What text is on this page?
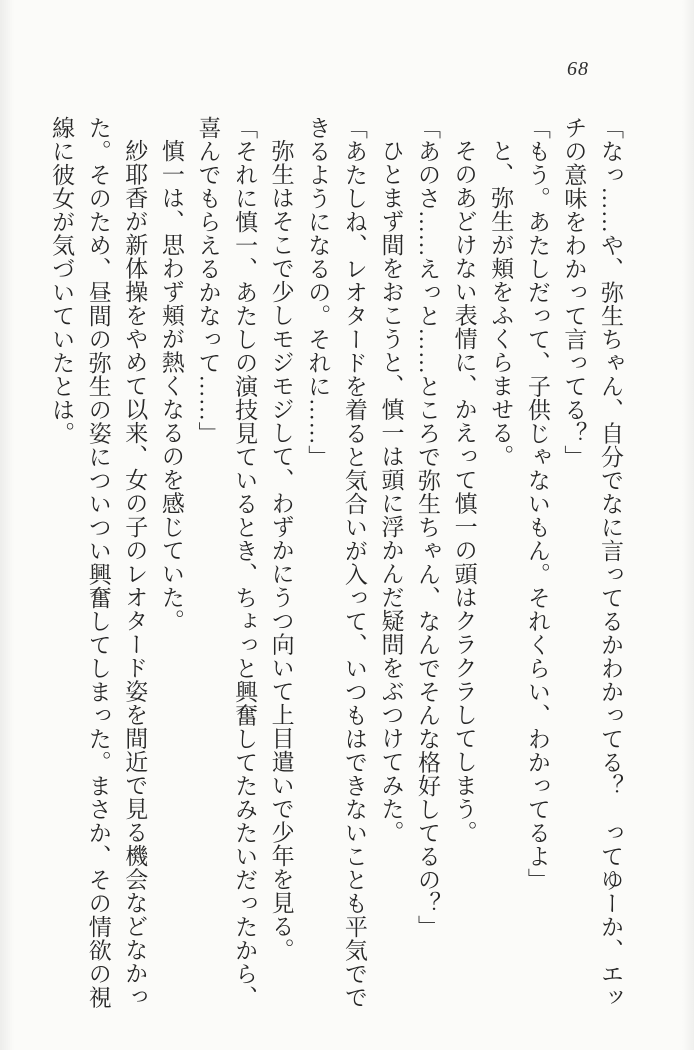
68

「なっ……や、弥生ちゃん、自分でなに言ってるかわかってる？　ってゆーか、エッチの意味をわかって言ってる？」

「もう。あたしだって、子供じゃないもん。それくらい、わかってるよ」

と、弥生が頬をふくらませる。

そのあどけない表情に、かえって慎一の頭はクラクラしてしまう。

「あのさ……えっと……ところで弥生ちゃん、なんでそんな格好してるの？」

ひとまず間をおこうと、慎一は頭に浮かんだ疑問をぶつけてみた。

「あたしね、レオタードを着ると気合いが入って、いつもはできないことも平気でできるようになるの。それに……」

弥生はそこで少しモジモジして、わずかにうつ向いて上目遣いで少年を見る。

「それに慎一、あたしの演技見ているとき、ちょっと興奮してたみたいだったから、喜んでもらえるかなって……」

慎一は、思わず頬が熱くなるのを感じていた。

紗耶香が新体操をやめて以来、女の子のレオタード姿を間近で見る機会などなかった。そのため、昼間の弥生の姿についつい興奮してしまった。まさか、その情欲の視線に彼女が気づいていたとは。
